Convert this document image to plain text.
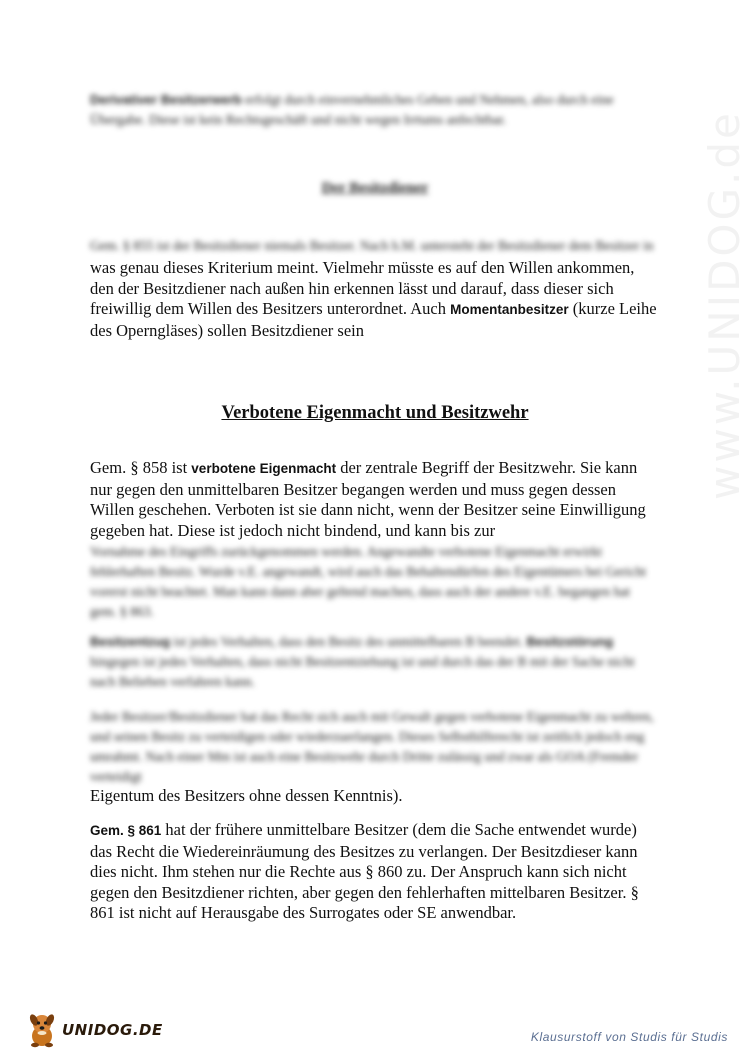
Derivativer Besitzerwerb erfolgt durch einvernehmliches Geben und Nehmen, also durch eine Übergabe. Diese ist kein Rechtsgeschäft und nicht wegen Irrtums anfechtbar.

Der Besitzdiener

Gem. § 855 ist der Besitzdiener niemals Besitzer. Nach h.M. untersteht der Besitzdiener dem Besitzer in

was genau dieses Kriterium meint. Vielmehr müsste es auf den Willen ankommen, den der Besitzdiener nach außen hin erkennen lässt und darauf, dass dieser sich freiwillig dem Willen des Besitzers unterordnet. Auch Momentanbesitzer (kurze Leihe des Operngläses) sollen Besitzdiener sein

Verbotene Eigenmacht und Besitzwehr

Gem. § 858 ist verbotene Eigenmacht der zentrale Begriff der Besitzwehr. Sie kann nur gegen den unmittelbaren Besitzer begangen werden und muss gegen dessen Willen geschehen. Verboten ist sie dann nicht, wenn der Besitzer seine Einwilligung gegeben hat. Diese ist jedoch nicht bindend, und kann bis zur

Vornahme des Eingriffs zurückgenommen werden. Angewandte verbotene Eigenmacht erwirkt fehlerhaften Besitz. Wurde v.E. angewandt, wird auch das Behaltendürfen des Eigentümers bei Gericht vorerst nicht beachtet. Man kann dann aber geltend machen, dass auch der andere v.E. begangen hat gem. § 863.

Besitzentzug ist jedes Verhalten, dass den Besitz des unmittelbaren B beendet. Besitzstörung hingegen ist jedes Verhalten, dass nicht Besitzentziehung ist und durch das der B mit der Sache nicht nach Belieben verfahren kann.

Jeder Besitzer/Besitzdiener hat das Recht sich auch mit Gewalt gegen verbotene Eigenmacht zu wehren, und seinen Besitz zu verteidigen oder wiederzuerlangen. Dieses Selbsthilferecht ist zeitlich jedoch eng umrahmt. Nach einer Mm ist auch eine Besitzwehr durch Dritte zulässig und zwar als GOA (Fremder verteidigt

Eigentum des Besitzers ohne dessen Kenntnis).

Gem. § 861 hat der frühere unmittelbare Besitzer (dem die Sache entwendet wurde) das Recht die Wiedereinräumung des Besitzes zu verlangen. Der Besitzdieser kann dies nicht. Ihm stehen nur die Rechte aus § 860 zu. Der Anspruch kann sich nicht gegen den Besitzdiener richten, aber gegen den fehlerhaften mittelbaren Besitzer. § 861 ist nicht auf Herausgabe des Surrogates oder SE anwendbar.

www.UNIDOG.de
UNIDOG.DE	Klausurstoff von Studis für Studis
